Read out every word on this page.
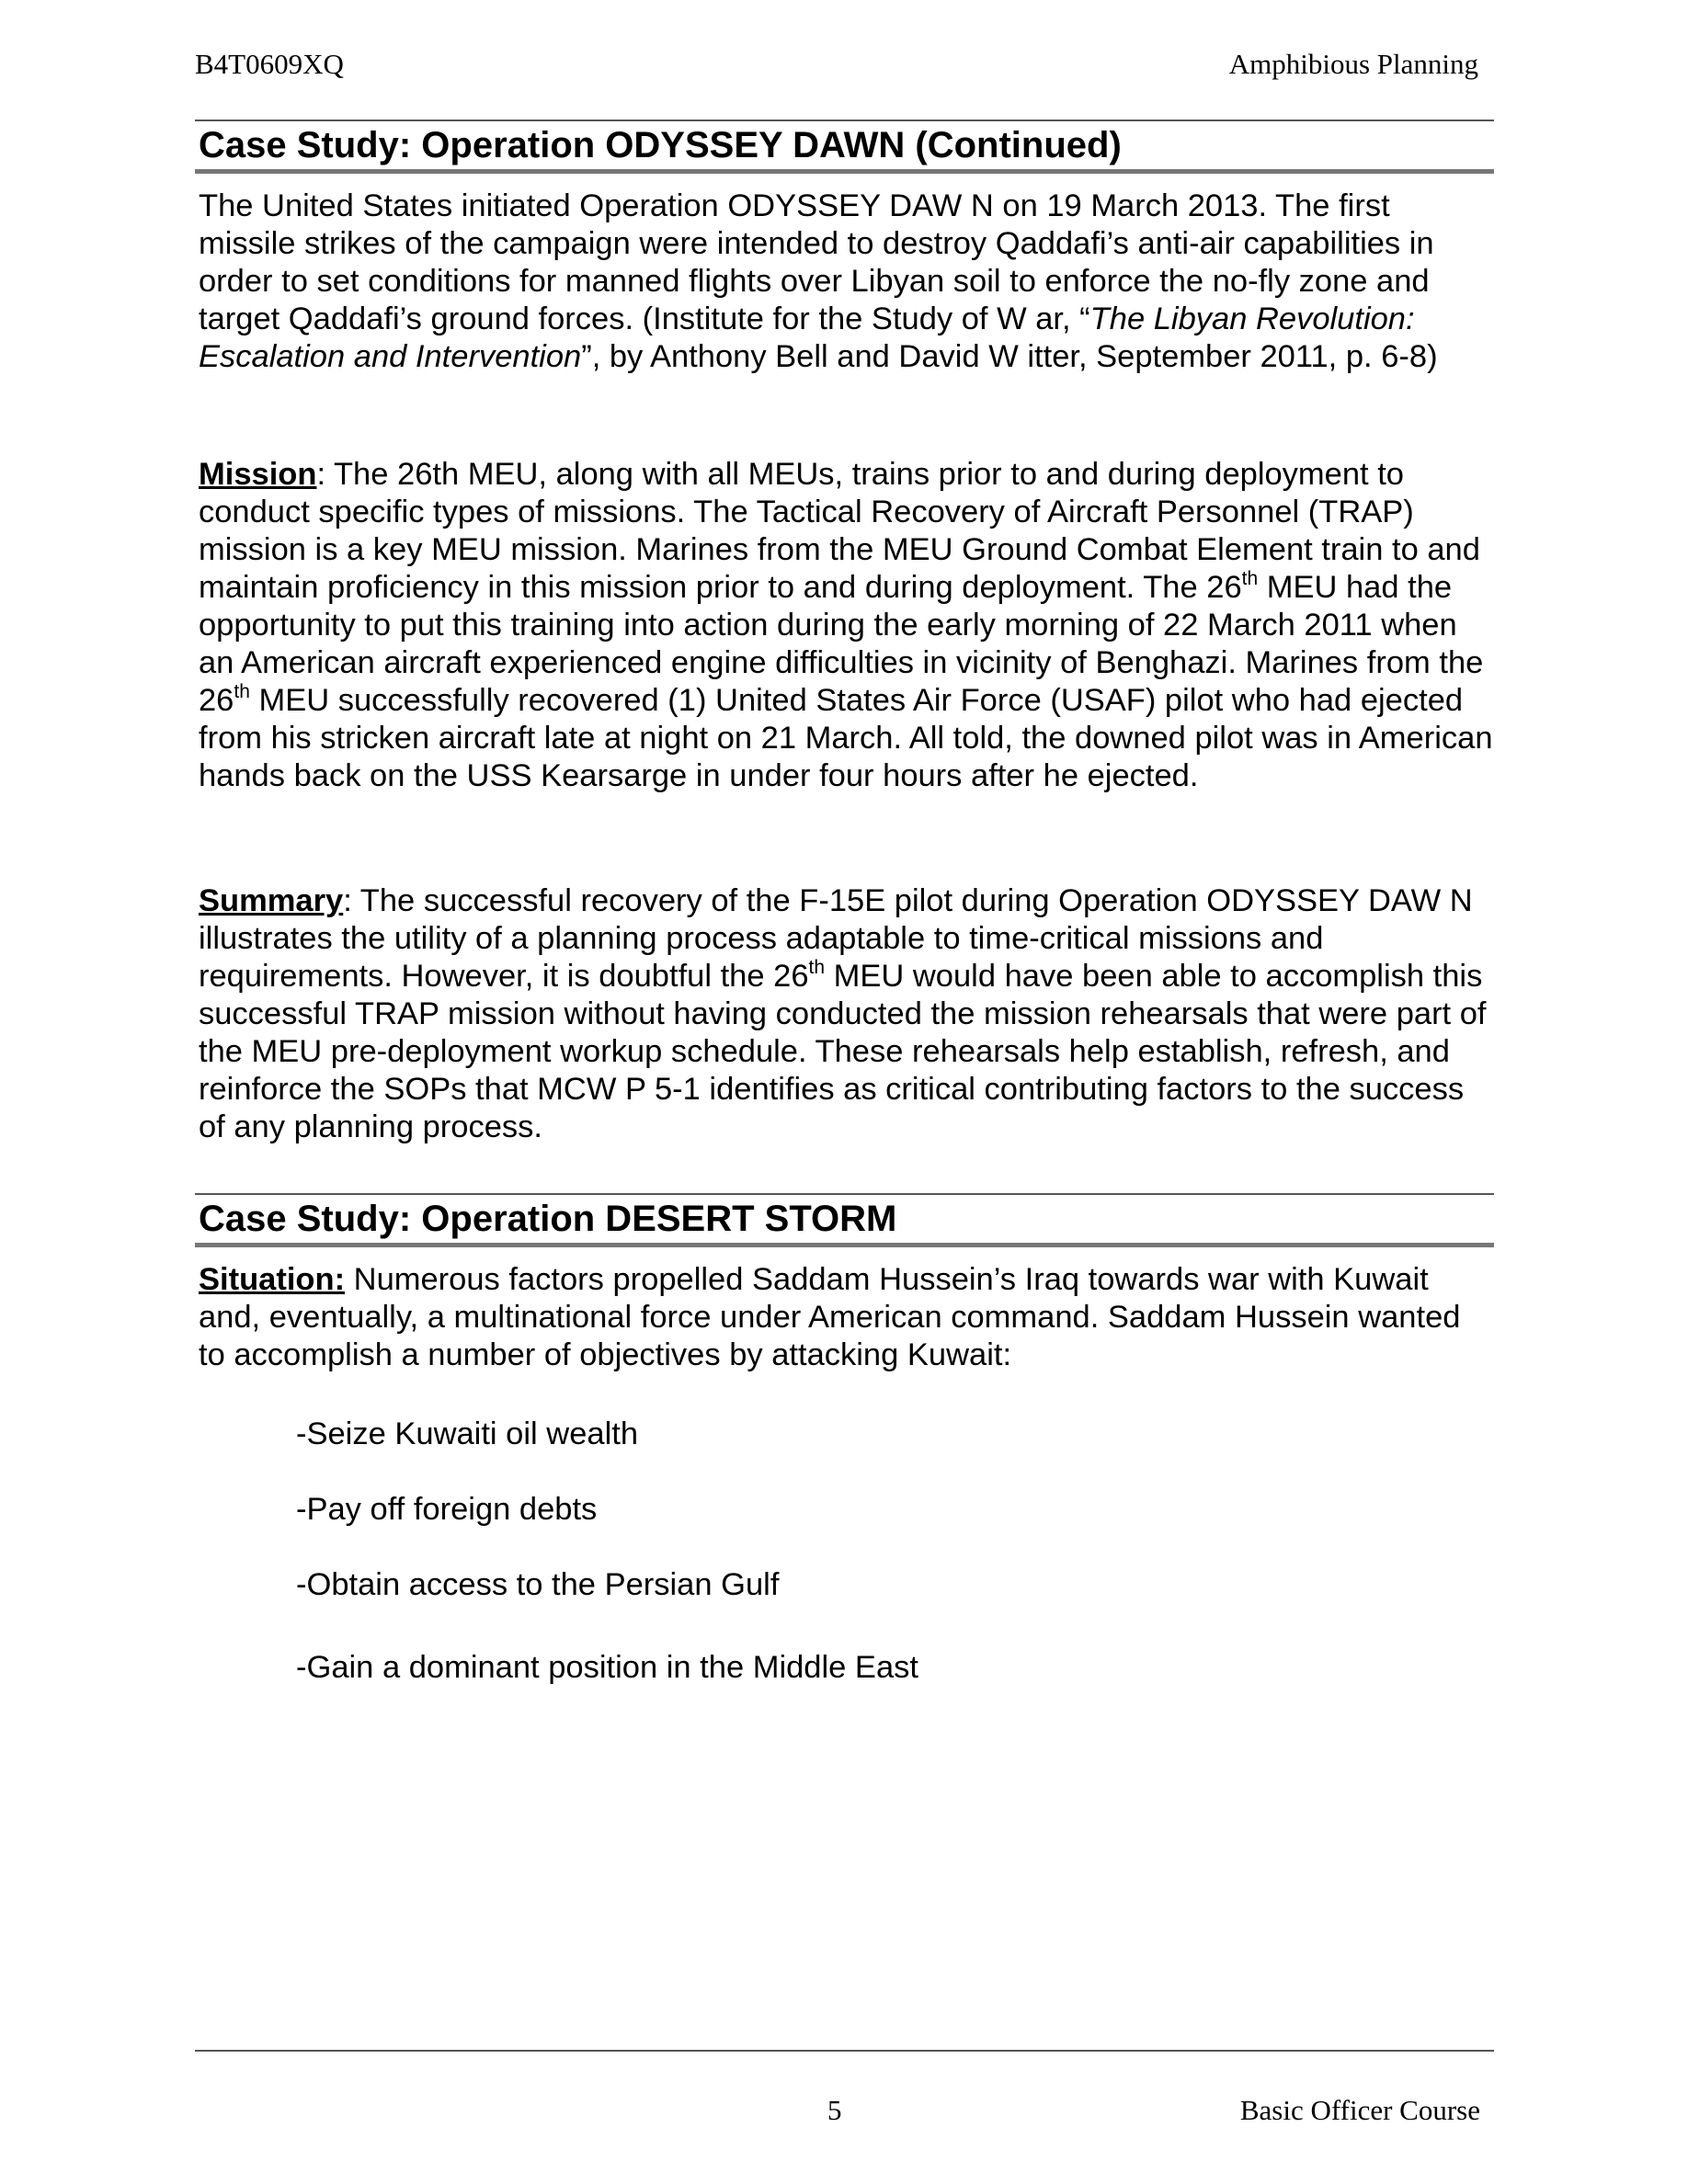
B4T0609XQ	Amphibious Planning
Case Study: Operation ODYSSEY DAWN (Continued)

The United States initiated Operation ODYSSEY DAW N on 19 March 2013. The first missile strikes of the campaign were intended to destroy Qaddafi’s anti-air capabilities in order to set conditions for manned flights over Libyan soil to enforce the no-fly zone and target Qaddafi’s ground forces. (Institute for the Study of W ar, “The Libyan Revolution: Escalation and Intervention”, by Anthony Bell and David W itter, September 2011, p. 6-8)

Mission: The 26th MEU, along with all MEUs, trains prior to and during deployment to conduct specific types of missions. The Tactical Recovery of Aircraft Personnel (TRAP) mission is a key MEU mission. Marines from the MEU Ground Combat Element train to and maintain proficiency in this mission prior to and during deployment. The 26th MEU had the opportunity to put this training into action during the early morning of 22 March 2011 when an American aircraft experienced engine difficulties in vicinity of Benghazi. Marines from the 26th MEU successfully recovered (1) United States Air Force (USAF) pilot who had ejected from his stricken aircraft late at night on 21 March. All told, the downed pilot was in American hands back on the USS Kearsarge in under four hours after he ejected.

Summary: The successful recovery of the F-15E pilot during Operation ODYSSEY DAW N illustrates the utility of a planning process adaptable to time-critical missions and requirements. However, it is doubtful the 26th MEU would have been able to accomplish this successful TRAP mission without having conducted the mission rehearsals that were part of the MEU pre-deployment workup schedule. These rehearsals help establish, refresh, and reinforce the SOPs that MCW P 5-1 identifies as critical contributing factors to the success of any planning process.

Case Study: Operation DESERT STORM

Situation: Numerous factors propelled Saddam Hussein’s Iraq towards war with Kuwait and, eventually, a multinational force under American command. Saddam Hussein wanted to accomplish a number of objectives by attacking Kuwait:

-Seize Kuwaiti oil wealth
-Pay off foreign debts
-Obtain access to the Persian Gulf
-Gain a dominant position in the Middle East
5	Basic Officer Course
